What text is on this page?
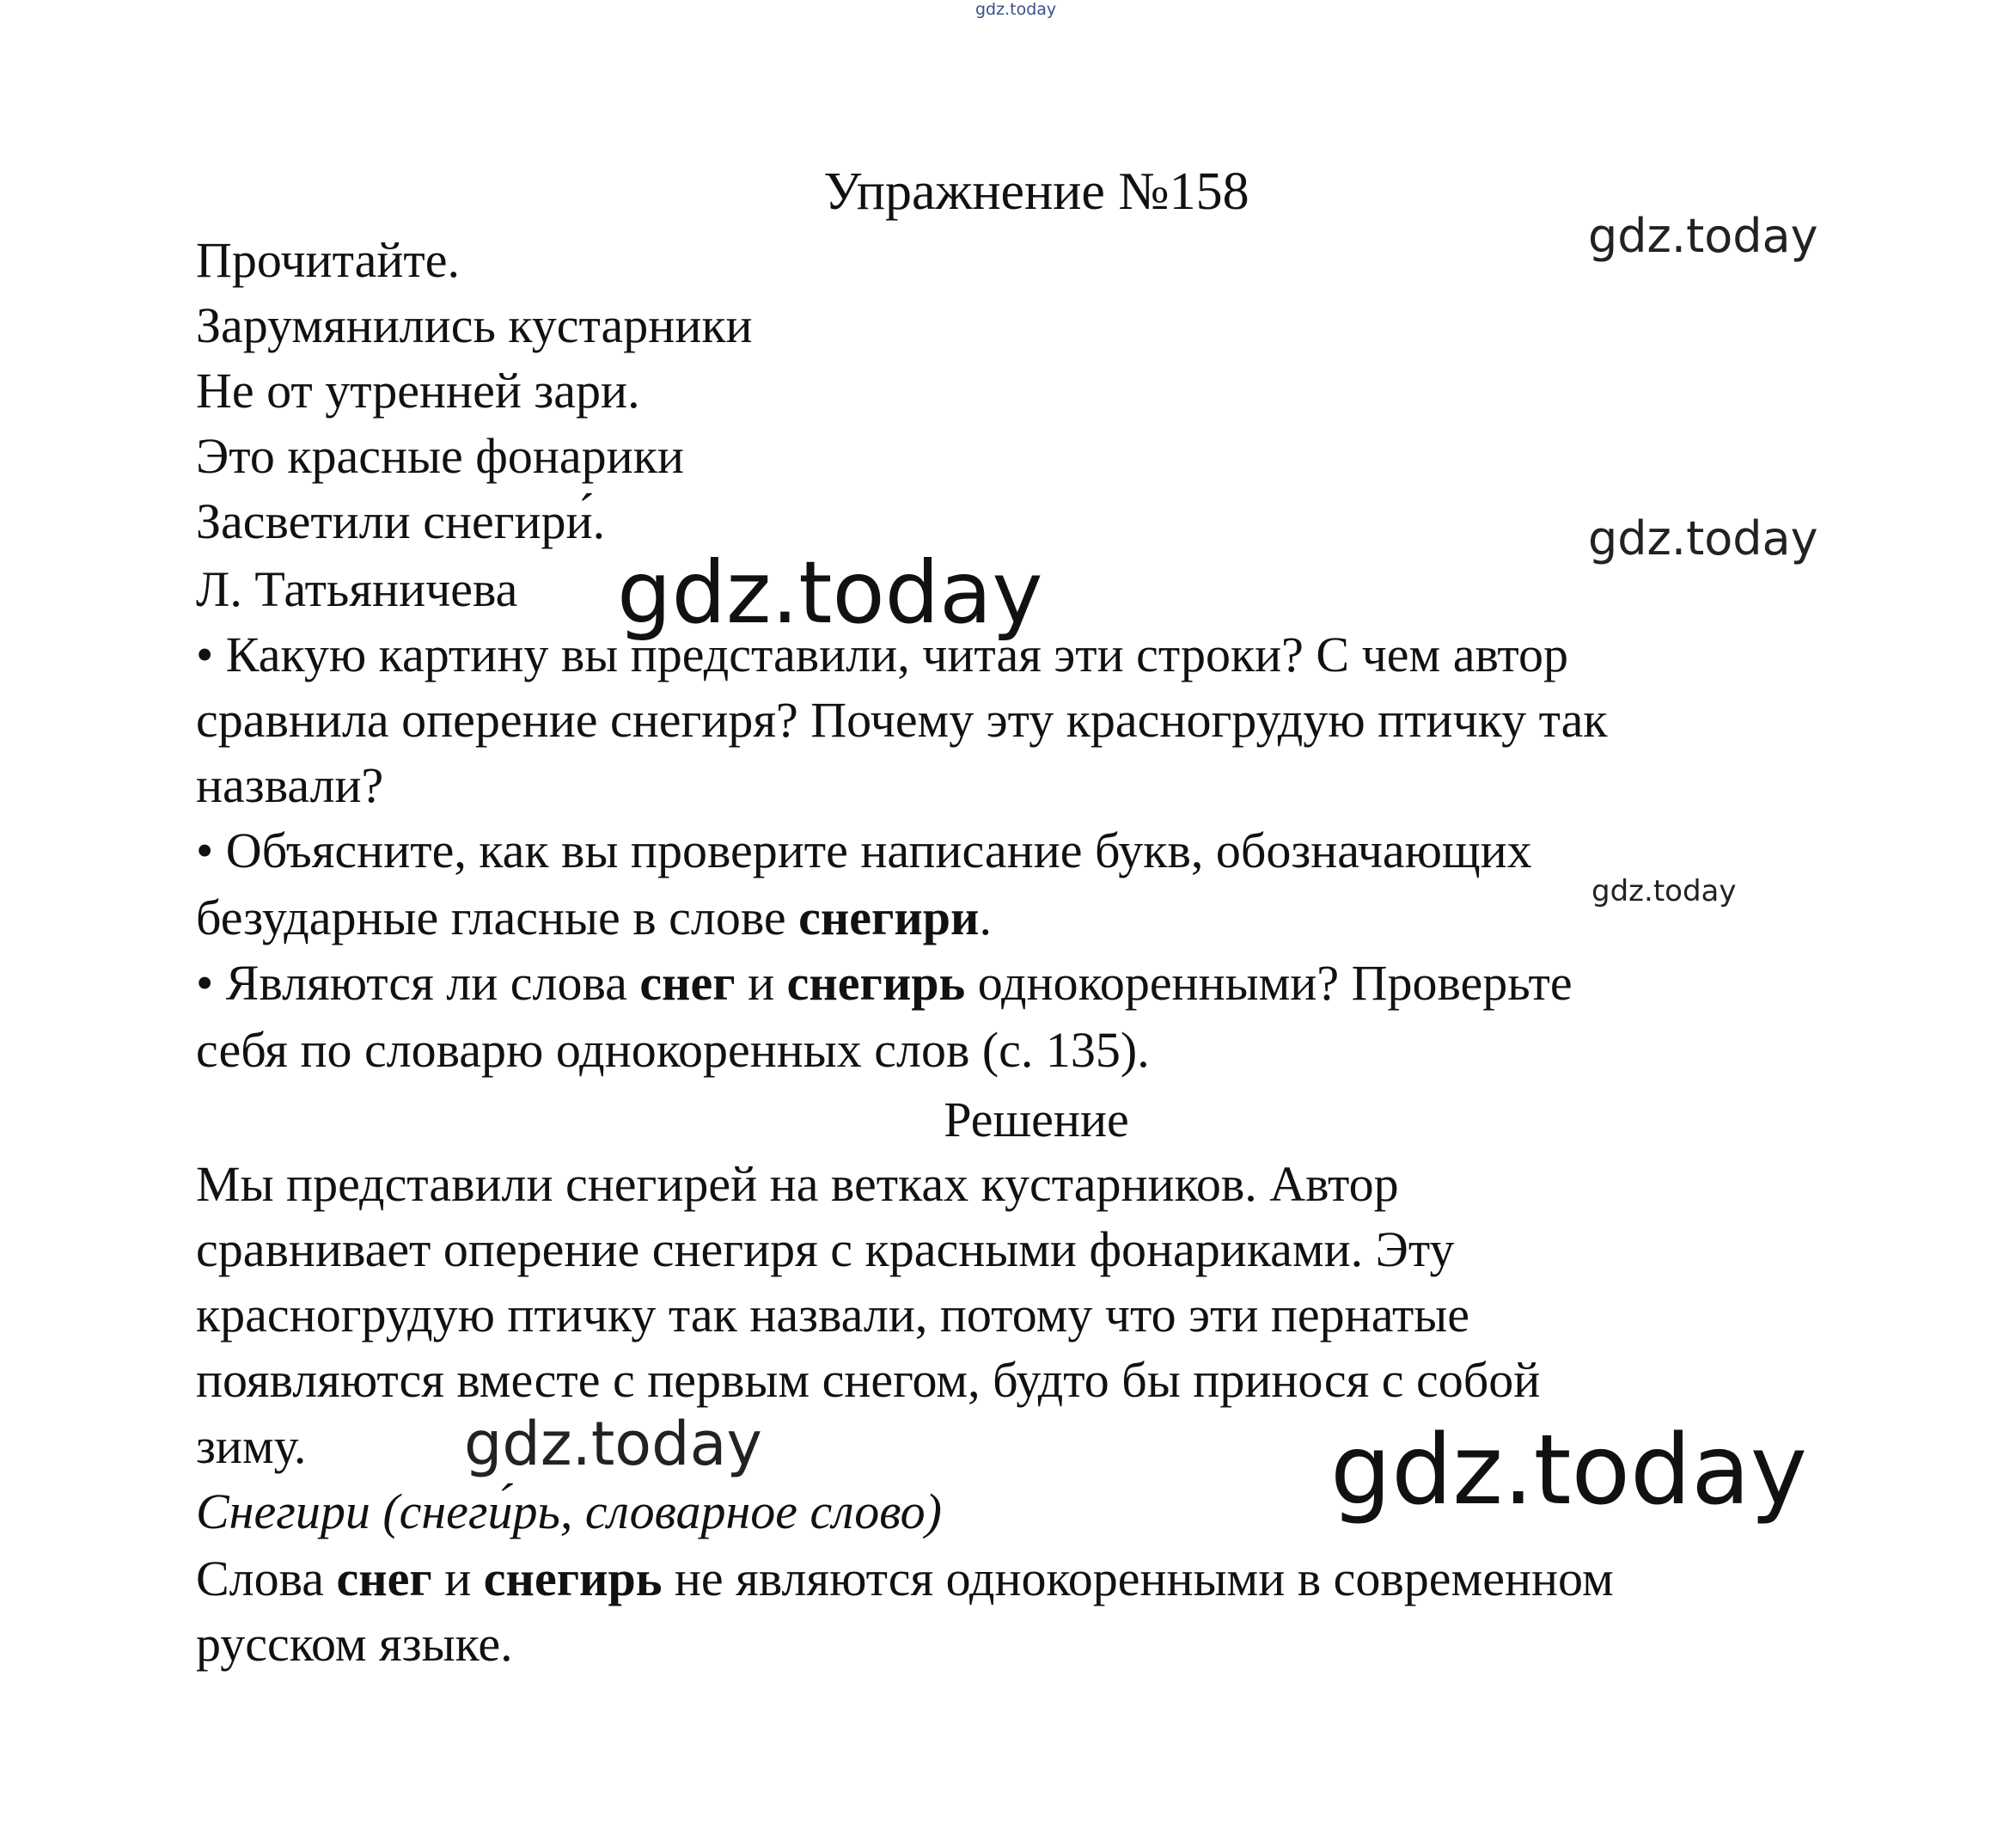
gdz.today
gdz.today
gdz.today
gdz.today
Упражнение №158
Прочитайте.
Зарумянились кустарники
Не от утренней зари.
Это красные фонарики
Засветили снегири́.
Л. Татьяничева
• Какую картину вы представили, читая эти строки? С чем автор
сравнила оперение снегиря? Почему эту красногрудую птичку так
назвали?
• Объясните, как вы проверите написание букв, обозначающих
безударные гласные в слове снегири.
• Являются ли слова снег и снегирь однокоренными? Проверьте
себя по словарю однокоренных слов (с. 135).
Решение
Мы представили снегирей на ветках кустарников. Автор
сравнивает оперение снегиря с красными фонариками. Эту
красногрудую птичку так назвали, потому что эти пернатые
появляются вместе с первым снегом, будто бы принося с собой
зиму.
Снегири (снеги́рь, словарное слово)
Слова снег и снегирь не являются однокоренными в современном
русском языке.
gdz.today
gdz.today	gdz.today
